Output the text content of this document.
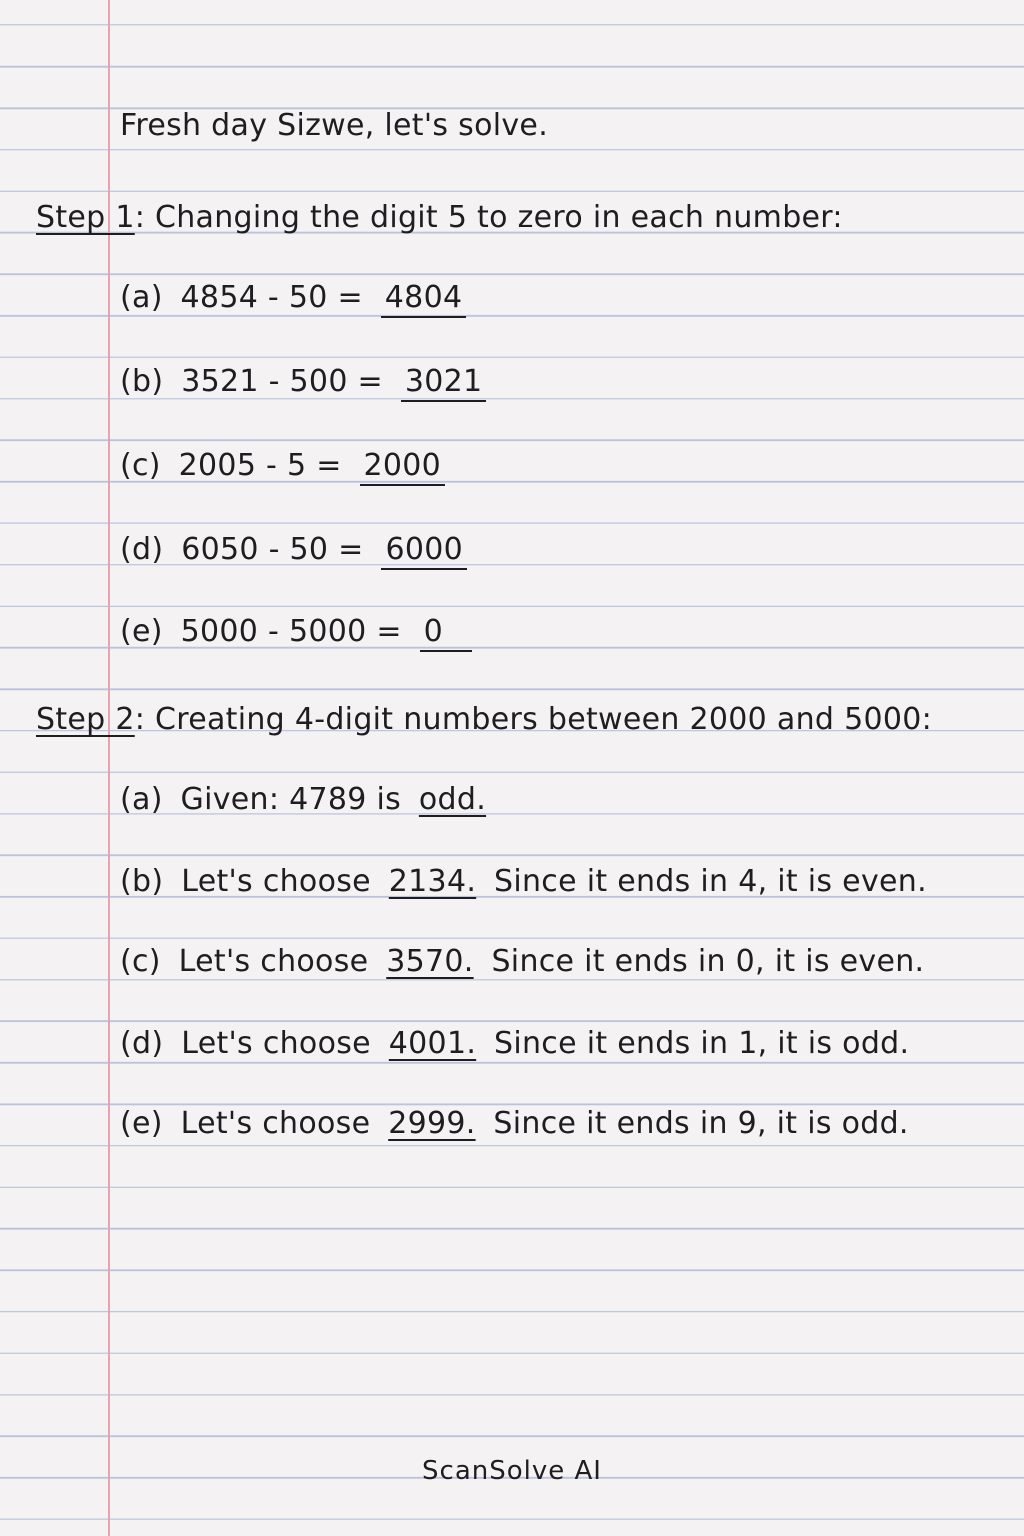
Fresh day Sizwe, let's solve.
Step 1: Changing the digit 5 to zero in each number:
(a) 4854 - 50 = 4804
(b) 3521 - 500 = 3021
(c) 2005 - 5 = 2000
(d) 6050 - 50 = 6000
(e) 5000 - 5000 = 0
Step 2: Creating 4-digit numbers between 2000 and 5000:
(a) Given: 4789 is odd.
(b) Let's choose 2134. Since it ends in 4, it is even.
(c) Let's choose 3570. Since it ends in 0, it is even.
(d) Let's choose 4001. Since it ends in 1, it is odd.
(e) Let's choose 2999. Since it ends in 9, it is odd.
ScanSolve AI
